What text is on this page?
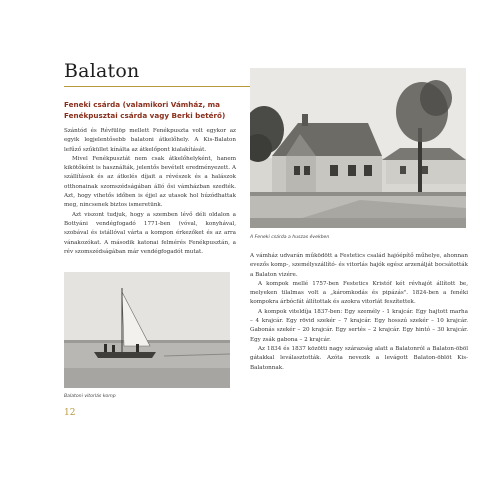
Balaton
Feneki csárda (valamikori Vámház, ma Fenékpusztai csárda vagy Berki betérő)

Szántód és Révfülöp mellett Fenékpuszta volt egykor az egyik legjelentősebb balatoni átkelőhely. A Kis-Balaton lefűző szűküllet kínálta az átkelőpont kialakítását.

Mivel Fenékpusztát nem csak átkelőhelyként, hanem kikötőként is használták, jelentős bevételt eredményezett. A szállítások és az átkelés díjait a révészek és a halászok otthonainak szomszédságában álló ősi vámházban szedték. Azt, hogy vihetős időben is éjjel az utasok hol húzódhattak meg, nincsenek biztos ismeretünk.

Azt viszont tudjuk, hogy a szemben lévő déli oldalon a Bottyáni vendégfogadó 1771-ben (vóval, konyhával, szobával és istállóval várta a kompon érkezőket és az arra vánakozókat. A második katonai felmérés Fenékpusztán, a rév szomszédságában már vendégfogadót mutat.

A Feneki csárda a huszas években
Balatoni vitorlás komp

A vámház udvarán működött a Festetics család hajóépítő műhelye, ahonnan evezős komp-, személyszállító- és vitorlás hajók egész arzenálját bocsátották a Balaton vizére.

A kompok mellé 1757-ben Festetics Kristóf két révhajót állított be, melyeken tilalmas volt a „káromkodás és pipázás". 1824-ben a fenéki kompokra árbócfát állítottak és azokra vitorlát feszítettek.

A kompok viteldíja 1837-ben: Egy személy - 1 krajcár. Egy hajtott marha – 4 krajcár. Egy rövid szekér – 7 krajcár. Egy hosszú szekér – 10 krajcár. Gabonás szekér – 20 krajcár. Egy sertés – 2 krajcár. Egy hintó – 30 krajcár. Egy zsák gabona – 2 krajcár.

Az 1834 és 1837 közötti nagy szárazság alatt a Balatonról a Balaton-öböl gátakkal leválasztották. Azóta nevezik a levágott Balaton-öblöt Kis-Balatonnak.

12
